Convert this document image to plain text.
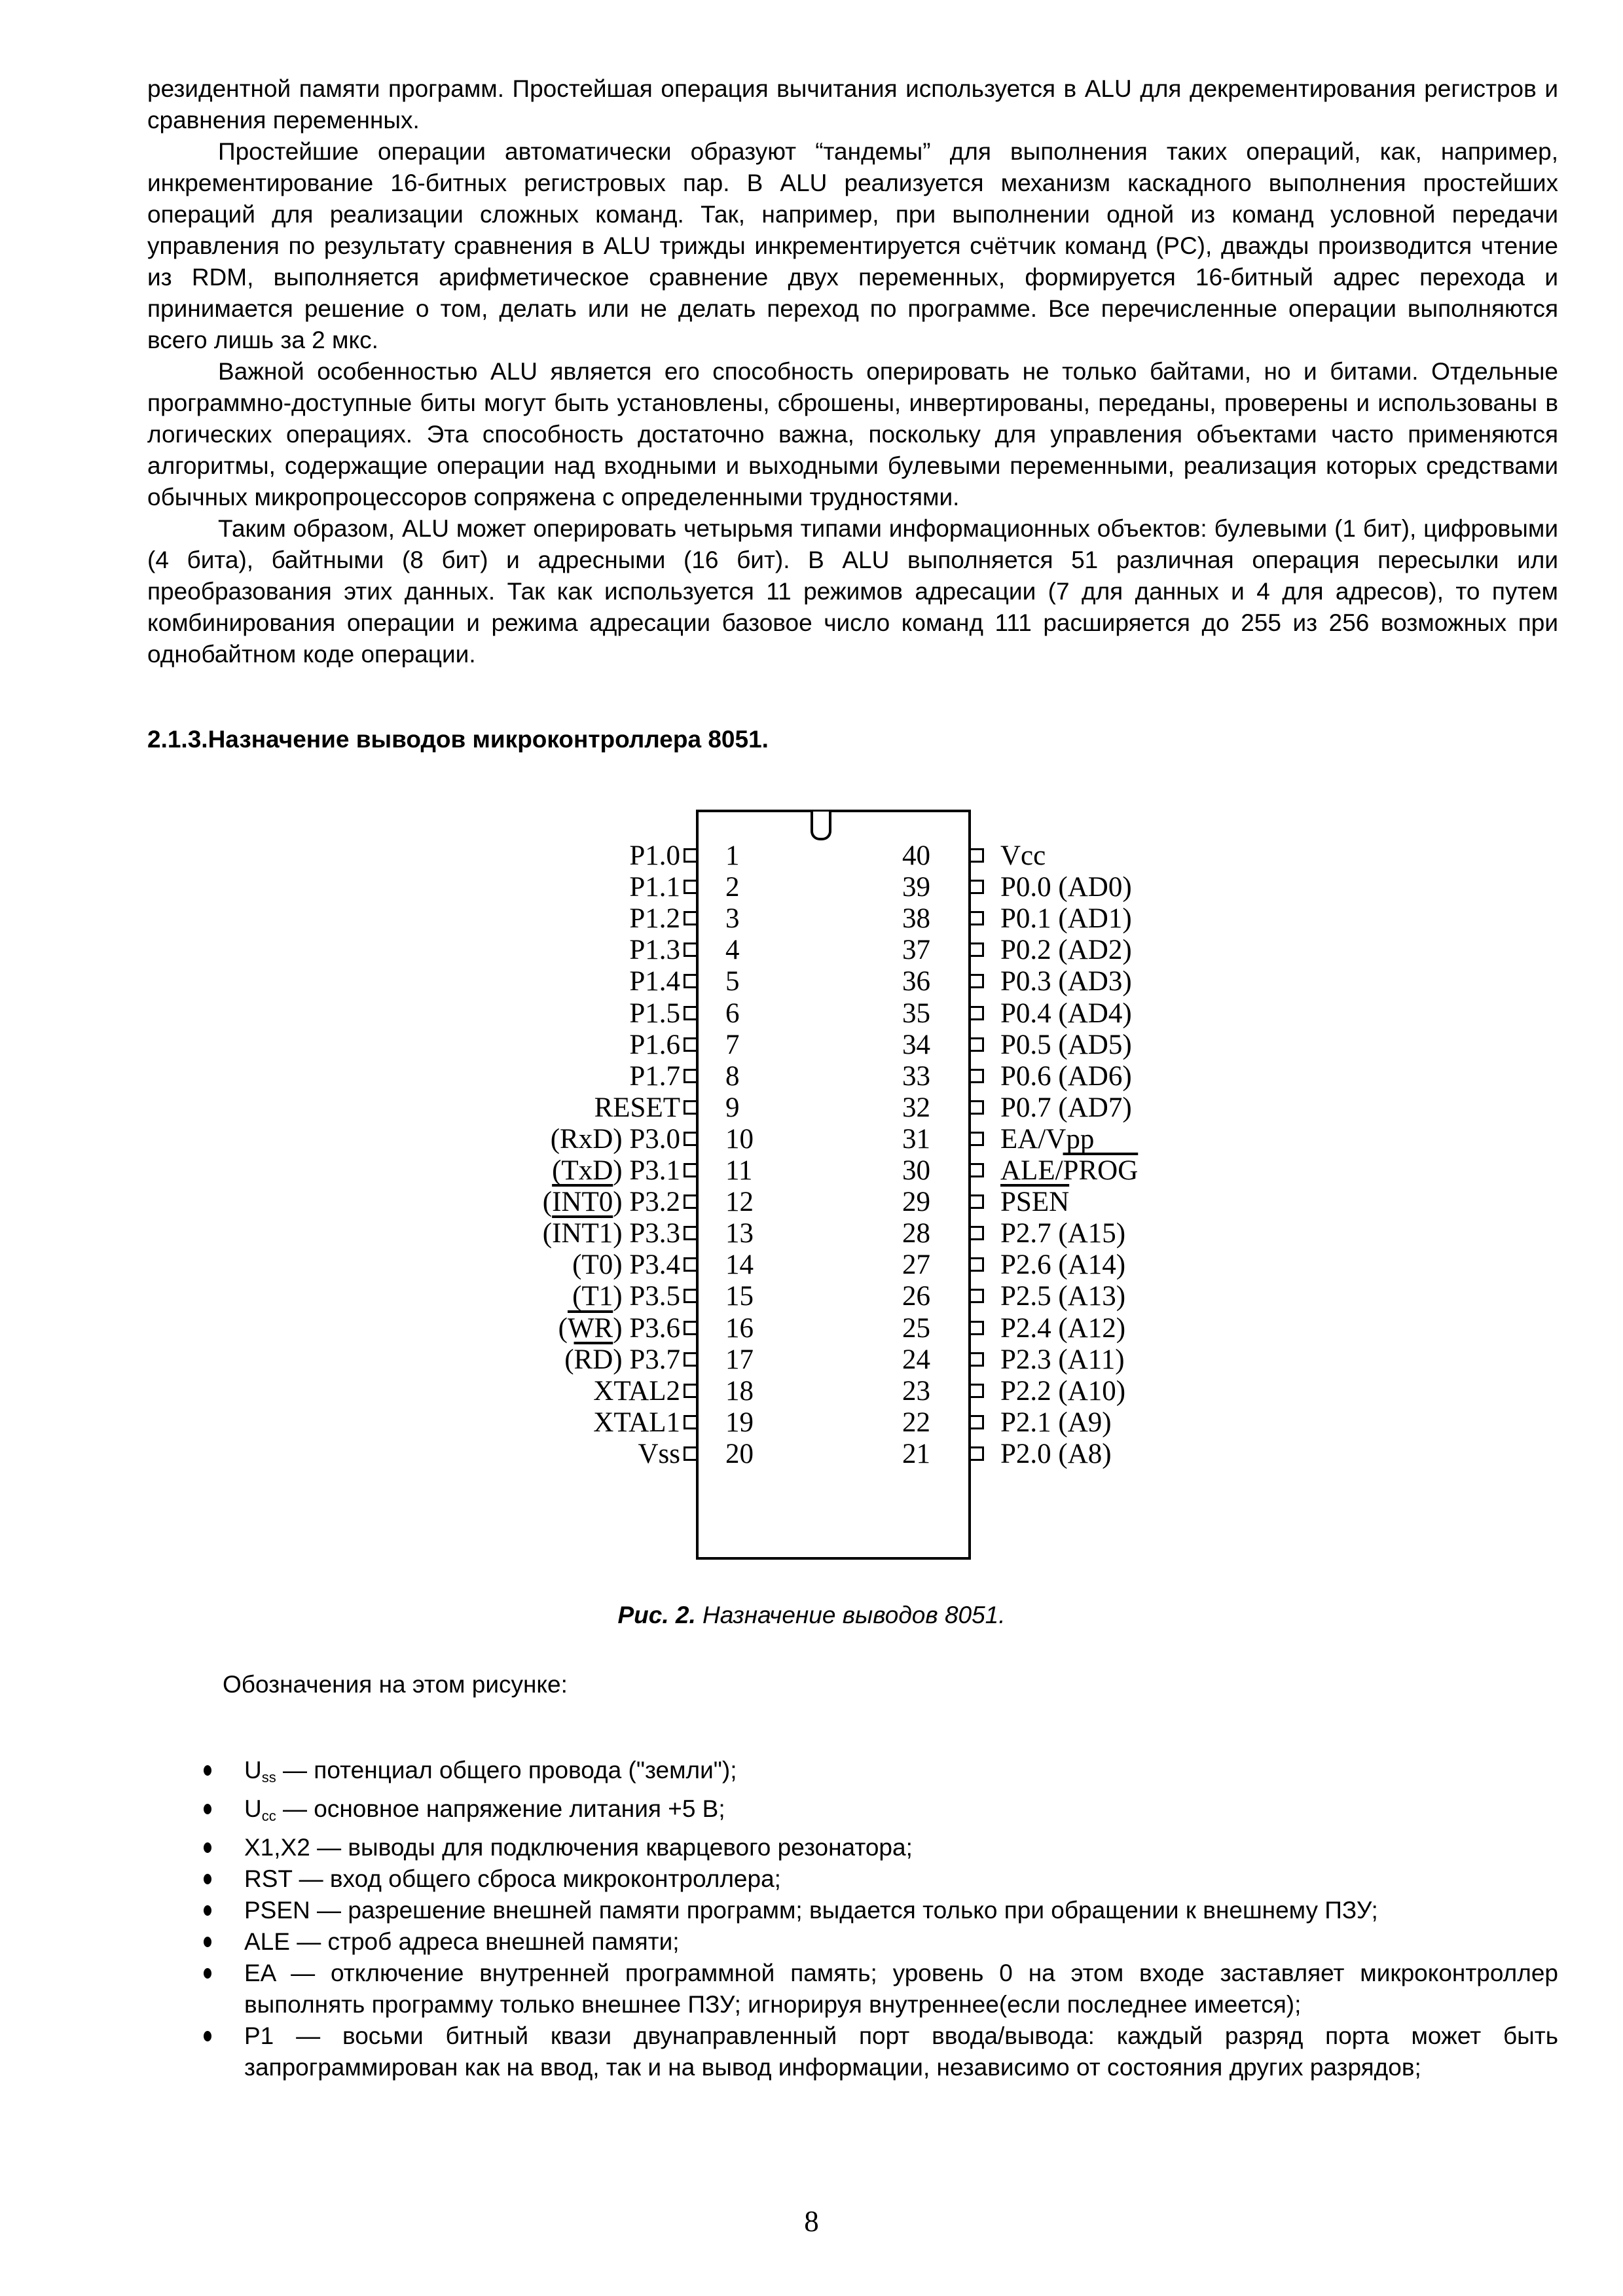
резидентной памяти программ. Простейшая операция вычитания используется в ALU для декрементирования регистров и сравнения переменных.

Простейшие операции автоматически образуют “тандемы” для выполнения таких операций, как, например, инкрементирование 16-битных регистровых пар. В ALU реализуется механизм каскадного выполнения простейших операций для реализации сложных команд. Так, например, при выполнении одной из команд условной передачи управления по результату сравнения в ALU трижды инкрементируется счётчик команд (PC), дважды производится чтение из RDM, выполняется арифметическое сравнение двух переменных, формируется 16-битный адрес перехода и принимается решение о том, делать или не делать переход по программе. Все перечисленные операции выполняются всего лишь за 2 мкс.

Важной особенностью ALU является его способность оперировать не только байтами, но и битами. Отдельные программно-доступные биты могут быть установлены, сброшены, инвертированы, переданы, проверены и использованы в логических операциях. Эта способность достаточно важна, поскольку для управления объектами часто применяются алгоритмы, содержащие операции над входными и выходными булевыми переменными, реализация которых средствами обычных микропроцессоров сопряжена с определенными трудностями.

Таким образом, ALU может оперировать четырьмя типами информационных объектов: булевыми (1 бит), цифровыми (4 бита), байтными (8 бит) и адресными (16 бит). В ALU выполняется 51 различная операция пересылки или преобразования этих данных. Так как используется 11 режимов адресации (7 для данных и 4 для адресов), то путем комбинирования операции и режима адресации базовое число команд 111 расширяется до 255 из 256 возможных при однобайтном коде операции.

2.1.3.Назначение выводов микроконтроллера 8051.
P1.0 1	40 Vcc
P1.1 2	39 P0.0 (AD0)
P1.2 3	38 P0.1 (AD1)
P1.3 4	37 P0.2 (AD2)
P1.4 5	36 P0.3 (AD3)
P1.5 6	35 P0.4 (AD4)
P1.6 7	34 P0.5 (AD5)
P1.7 8	33 P0.6 (AD6)
RESET 9	32 P0.7 (AD7)
(RxD) P3.0 10	31 EA/Vpp
(TxD) P3.1 11	30 ALE/PROG
(INT0) P3.2 12	29 PSEN
(INT1) P3.3 13	28 P2.7 (A15)
(T0) P3.4 14	27 P2.6 (A14)
(T1) P3.5 15	26 P2.5 (A13)
$(\overline{WR})$ P3.6 16	25 P2.4 (A12)
$(\overline{RD})$ P3.7 17	24 P2.3 (A11)
XTAL2 18	23 P2.2 (A10)
XTAL1 19	22 P2.1 (A9)
Vss 20	21 P2.0 (A8)
Рис. 2. Назначение выводов 8051.
Обозначения на этом рисунке:
$U_{ss}$ — потенциал общего провода ("земли");
$U_{cc}$ — основное напряжение литания +5 В;
X1,X2 — выводы для подключения кварцевого резонатора;
RST — вход общего сброса микроконтроллера;
PSEN — разрешение внешней памяти программ; выдается только при обращении к внешнему ПЗУ;
ALE — строб адреса внешней памяти;
EA — отключение внутренней программной память; уровень 0 на этом входе заставляет микроконтроллер выполнять программу только внешнее ПЗУ; игнорируя внутреннее(если последнее имеется);
P1 — восьми битный квази двунаправленный порт ввода/вывода: каждый разряд порта может быть запрограммирован как на ввод, так и на вывод информации, независимо от состояния других разрядов;
8
